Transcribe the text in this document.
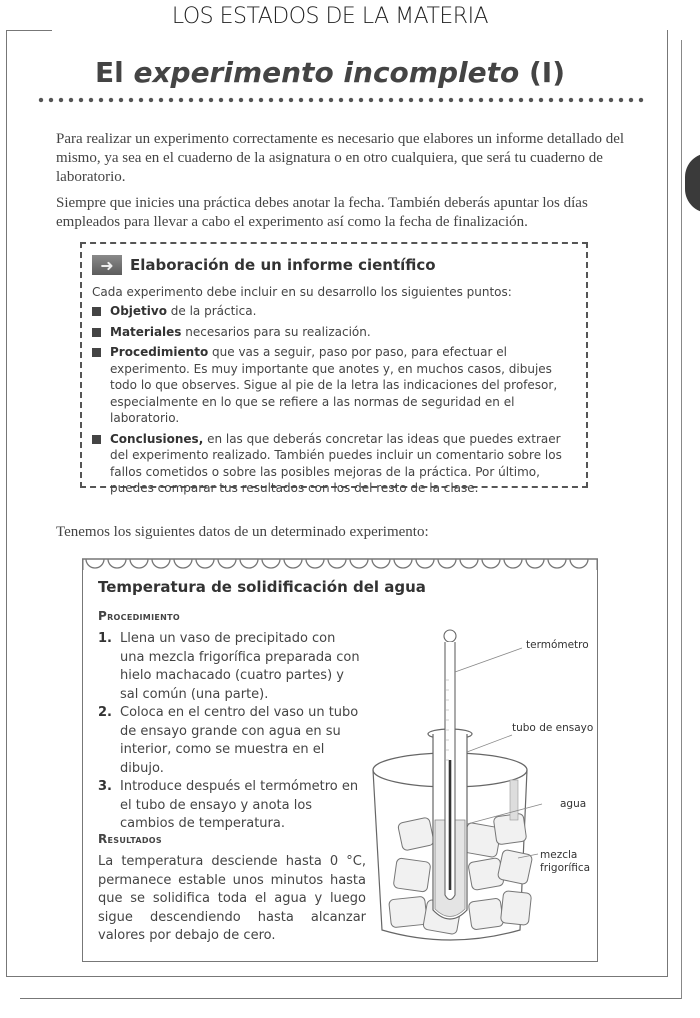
LOS ESTADOS DE LA MATERIA
El experimento incompleto (I)

Para realizar un experimento correctamente es necesario que elabores un informe detallado del mismo, ya sea en el cuaderno de la asignatura o en otro cualquiera, que será tu cuaderno de laboratorio.

Siempre que inicies una práctica debes anotar la fecha. También deberás apuntar los días empleados para llevar a cabo el experimento así como la fecha de finalización.

➜	Elaboración de un informe científico
Cada experimento debe incluir en su desarrollo los siguientes puntos:
Objetivo de la práctica.
Materiales necesarios para su realización.
Procedimiento que vas a seguir, paso por paso, para efectuar el experimento. Es muy importante que anotes y, en muchos casos, dibujes todo lo que observes. Sigue al pie de la letra las indicaciones del profesor, especialmente en lo que se refiere a las normas de seguridad en el laboratorio.
Conclusiones, en las que deberás concretar las ideas que puedes extraer del experimento realizado. También puedes incluir un comentario sobre los fallos cometidos o sobre las posibles mejoras de la práctica. Por último, puedes comparar tus resultados con los del resto de la clase.
Tenemos los siguientes datos de un determinado experimento:
Temperatura de solidificación del agua
Procedimiento
1. Llena un vaso de precipitado con una mezcla frigorífica preparada con hielo machacado (cuatro partes) y sal común (una parte).
2. Coloca en el centro del vaso un tubo de ensayo grande con agua en su interior, como se muestra en el dibujo.
3. Introduce después el termómetro en el tubo de ensayo y anota los cambios de temperatura.
Resultados
La temperatura desciende hasta 0 °C, permanece estable unos minutos hasta que se solidifica toda el agua y luego sigue descendiendo hasta alcanzar valores por debajo de cero.
termómetro
tubo de ensayo
agua
mezcla
frigorífica
